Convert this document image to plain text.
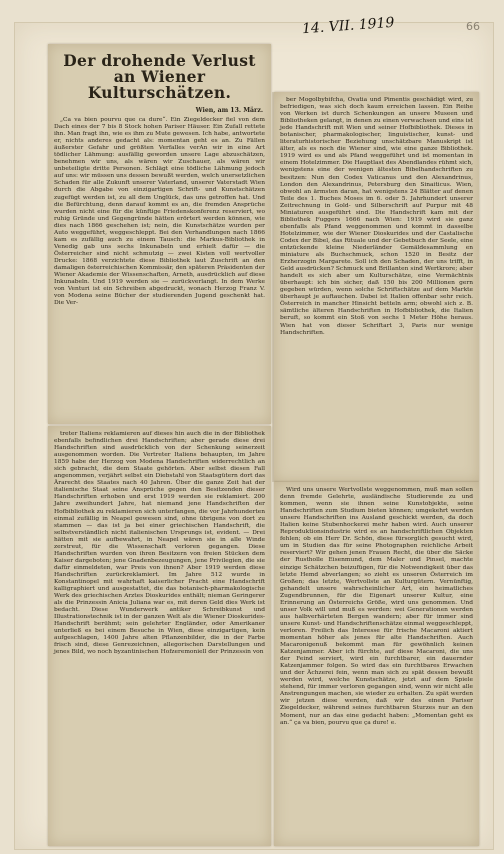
14. VII. 1919	66
Der drohende Verlust an Wiener Kulturschätzen.
Wien, am 13. März.

„Ca va bien pourvu que ca dure“. Ein Ziegeldecker fiel von dem Dach eines der 7 bis 8 Stock hohen Pariser Häuser. Ein Zufall rettete ihn. Man fragt ihn, wie es ihm zu Mute gewesen. Ich habe, antwortete er, nichts anderes gedacht als: momentan geht es an. Zu Fällen äußerster Gefahr und größten Verfalles verAn wir in eine Art tödlicher Lähmung: ausfällig geworden unsere Lage abzuschätzen, benehmen wir uns, als wären wir Zuschauer, als wären wir unbeteiligte dritte Personen. Schlägt eine tödliche Lähmung jedoch auf uns: wir müssen uns dessen bewußt werden, welch unersetzlichen Schaden für alle Zukunft unserer Vaterland, unserer Vaterstadt Wien durch die Abgabe von einzigartigen Schrift- und Kunstschätzen zugefügt werden ist, zu all dem Unglück, das uns getroffen hat. Und die Befürchtung, denn darauf kommt es an, die fremden Ansprüche wurden nicht eine für die künftige Friedenskonferenz reserviert, wo ruhig Gründe und Gegengründe hätten erörtert werden können, wie dies nach 1866 geschehen ist; nein, die Kunstschätze wurden per Auto weggeführt, weggeschleppt. Bei den Verhandlungen nach 1866 kam es zufällig auch zu einem Tausch: die Markus-Bibliothek in Venedig gab uns sechs Inkunabeln und erhielt dafür — die Österreicher sind nicht schmutzig — zwei Kisten voll wertvoller Drucke: 1868 verzichtete diese Bibliothek laut Zuschrift an den damaligen österreichischen Kommissär, den späteren Präsidenten der Wiener Akademie der Wissenschaften, Arneth, ausdrücklich auf diese Inkunabeln. Und 1919 werden sie — zurückverlangt. In dem Werke von Venturi ist ein Schreiben abgedruckt, wonach Herzog Franz V. von Modena seine Bücher der studierenden Jugend geschenkt hat. Die Ver-

ber Mogolbybifcha, Ovatia und Pimentis geschädigt wird, zu befriedigen, was sich doch kaum erreichen lassen. Ein Reihe von Werken ist durch Schenkungen an unsere Museen und Bibliotheken gelangt, in denen zu einen verwachsen und eins ist jede Handschrift mit Wien und seiner Hofbibliothek. Dieses in botanischer, pharmakologischer, linguistischer, kunst- und literaturhistorischer Beziehung unschätzbare Manuskript ist älter, als es noch die Wiener sind, wie eine ganze Bibliothek. 1919 wird es und als Pfand weggeführt und ist momentan in einem Hotelzimmer. Die Hauptlast des Abendlandes rühmt sich, wenigstens eine der wenigen ältesten Bibelhandschriften zu besitzen: Nun den Codex Vaticanus und den Alexandrinus, London den Alexandrinus, Petersburg den Sinaiticus. Wien, obwohl an ärmsten daran, hat wenigstens 24 Blätter auf denen Teile des 1. Buches Moses im 6. oder 5. Jahrhundert unserer Zeitrechnung in Gold- und Silberschrift auf Purpur mit 48 Miniaturen ausgeführt sind. Die Handschrift kam mit der Bibliothek Fuggers 1666 nach Wien: 1919 wird sie ganz ebenfalls als Pfand weggenommen und kommt in dasselbe Hotelzimmer, wie der Wiener Dioskurides und der Castalische Codex der Bibel, das Rituale und der Gebetbuch der Seele, eine entzückende kleine Niederländer Gemäldesammlung en miniature als Buchschmuck, schon 1520 in Besitz der Erzherzogin Margarete. Soll ich den Schaden, der uns trifft, in Geld ausdrücken? Schmuck und Brillanten sind Wertkrore; aber handelt es sich aber um Kulturschätze, eine Vermächtnis überhaupt: ich bin sicher, daß 150 bis 200 Millionen gern gegeben würden, wenn solche Schriftschätze auf dem Markte überhaupt je auftauchen. Dabei ist Italien offenbar sehr reich. Österreich in mancher Hinsicht betteln arm; obwohl sich z. B. sämtliche älteren Handschriften in Hofbibliothek, die Italien beruft, so kommt ein Stoß von sechs 1 Meter Höhe heraus. Wien hat von dieser Schriftart 3, Paris nur wenige Handschriften.

treter Italiens reklamieren auf dieses hin auch die in der Bibliothek ebenfalls befindlichen drei Handschriften; aber gerade diese drei Handschriften sind ausdrücklich von der Schenkung seinerzeit ausgenommen worden. Die Vertreter Italiens behaupten, im Jahre 1859 habe der Herzog von Modena Handschriften widerrechtlich an sich gebracht, die dem Staate gehörten. Aber selbst diesen Fall angenommen, verjährt selbst ein Diebstahl von Staatsgütern dort das Ärarecht des Staates nach 40 Jahren. Über die ganze Zeit hat der italienische Staat seine Ansprüche gegen den Besitzenden dieser Handschriften erhoben und erst 1919 werden sie reklamiert. 200 Jahre zweihundert Jahre, hat niemand jene Handschriften der Hofbibliothek zu reklamieren sich unterfangen, die vor Jahrhunderten einmal zufällig in Neapel gewesen sind, ohne übrigens von dort zu stammen — das ist ja bei einer griechischen Handschrift, die selbstverständlich nicht italienischen Ursprungs ist, evident. — Drei hätten mit sie aufbewahrt, in Neapel wären sie in alle Winde zerstreut, für die Wissenschaft verloren gegangen. Diese Handschriften wurden von ihren Besitzern von freien Stücken dem Kaiser dargeboten; jene Gnadenbezeugungen, jene Privilegien, die sie dafür einmeldeten, war Preis von ihnen? Aber 1919 werden diese Handschriften zurückreklamiert. Im Jahre 512 wurde in Konstantinopel mit wahrhaft kaiserlicher Pracht eine Handschrift kalligraphiert und ausgestattet, die das botanisch-pharmakologische Werk des griechischen Arztes Dioskurides enthält; nieman Geringerer als die Prinzessin Anicia Juliana war es, mit deren Geld dies Werk ist bedacht. Diese Wunderwerk antiker Schreibkunst und Illustrationstechnik ist in der ganzen Welt als die Wiener Dioskurides-Handschrift berühmt; sein gelehrter Engländer, oder Amerikaner unterließ es bei einem Besuche in Wien, diese einzigartigen, kein aufgeschlagen, 1400 Jahre alten Pflanzenbilder, die in der Farbe frisch sind, diese Genrezeichnen, allegorischen Darstellungen und jenes Bild, wo noch byzantinischen Hofzeremoniell der Prinzessin von

Wird uns unsere Wertvollste weggenommen, muß man sollen denn fremde Gelehrte, ausländische Studierende zu und kommen, wenn sie ihnen seine Kunstobjekte, seine Handschriften zum Studium bieten können; umgekehrt werden unsere Handschriften ins Ausland geschickt werden, da doch Italien keine Stubenhockerei mehr haben wird. Auch unserer Reproduktionsindustrie wird es an handschriftlichen Objekten fehlen; ob ein Herr Dr. Schön, diese fürsorglich gesucht wird, um in Studien das für seine Photographen reichliche Arbeit reserviert? Wir gehen jenen Frauen Recht, die über die Säcke der Rustholle Eisenmund, dem Maler und Pinsel, machte einzige Schätzchen beizufügen, für die Notwendigkeit über das letzte Hemd abverlangen; so zieht es unseren Österreich im Großen; das letzte, Wertvollste an Kulturgütern. Vernünftig, gehandelt unsere wahrscheinlicher Art, ein heimatliches Zugendbrunnen, für die Eigenart unserer Kultur, eine Erinnerung an Österreichs Größe, wird uns genommen. Und unser Volk will und muß es werden: wei Generationen werden aus halbverhärteten Bergen wandern; aber für immer sind unsere Kunst- und Handschriftenschätze einmal weggeschleppt, verloren. Freilich das Interesse für frische Macaroni aktiert momentan höher als jenes für alte Handschriften. Auch Macaronigenuß bekommt man für gewöhnlich keinen Katzenjammer. Aber ich fürchte, auf diese Macaroni, die uns der Feind serviert, wird ein furchtbarer, ein dauernder Katzenjammer folgen. So wird das ein furchtbares Erwachen und der Ächzerei fein, wenn man sich zu spät dessen bewußt werden wird, welche Kunstschätze, jetzt auf dem Spiele stehend, für immer verloren gegangen sind, wenn wir nicht alle Anstrengungen machen, sie wieder zu erhalten. Zu spät werden wir jetzen diese werden, daß wir des einen Pariser Ziegeldecker, während seines furchtbaren Sturzes nur an den Moment, nur an das eine gedacht haben: „Momentan geht es an.“ ça va bien, pourvu que ça dure! e.
